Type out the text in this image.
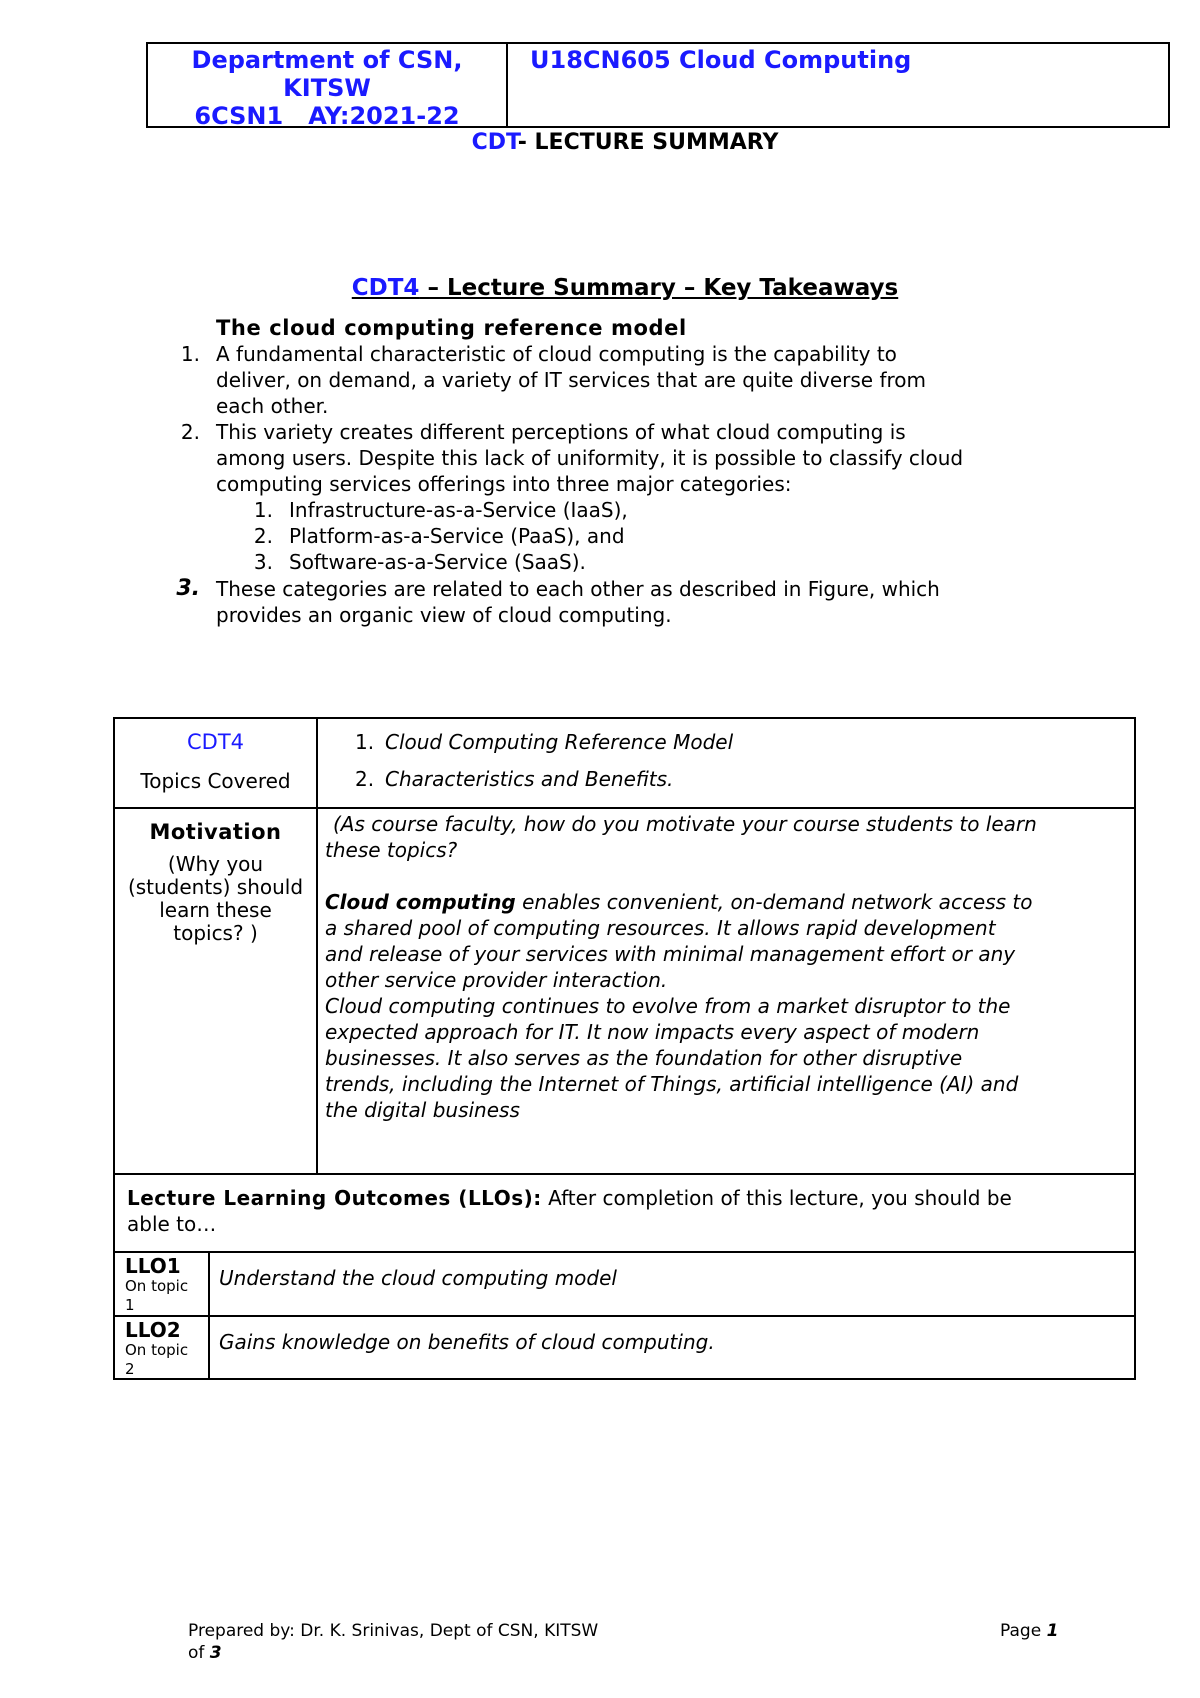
Department of CSN,
KITSW
6CSN1   AY:2021-22
U18CN605 Cloud Computing
CDT- LECTURE SUMMARY
CDT4 – Lecture Summary – Key Takeaways
The cloud computing reference model
1. A fundamental characteristic of cloud computing is the capability to
deliver, on demand, a variety of IT services that are quite diverse from
each other.
2. This variety creates different perceptions of what cloud computing is
among users. Despite this lack of uniformity, it is possible to classify cloud
computing services offerings into three major categories:
1. Infrastructure-as-a-Service (IaaS),
2. Platform-as-a-Service (PaaS), and
3. Software-as-a-Service (SaaS).
3. These categories are related to each other as described in Figure, which
provides an organic view of cloud computing.
CDT4
Topics Covered
1. Cloud Computing Reference Model
2. Characteristics and Benefits.
Motivation
(Why you
(students) should
learn these
topics? )
(As course faculty, how do you motivate your course students to learn
these topics?
Cloud computing enables convenient, on-demand network access to
a shared pool of computing resources. It allows rapid development
and release of your services with minimal management effort or any
other service provider interaction.
Cloud computing continues to evolve from a market disruptor to the
expected approach for IT. It now impacts every aspect of modern
businesses. It also serves as the foundation for other disruptive
trends, including the Internet of Things, artificial intelligence (AI) and
the digital business
Lecture Learning Outcomes (LLOs): After completion of this lecture, you should be
able to…
LLO1
On topic
1
Understand the cloud computing model
LLO2
On topic
2
Gains knowledge on benefits of cloud computing.
Prepared by: Dr. K. Srinivas, Dept of CSN, KITSW	Page 1
of 3
